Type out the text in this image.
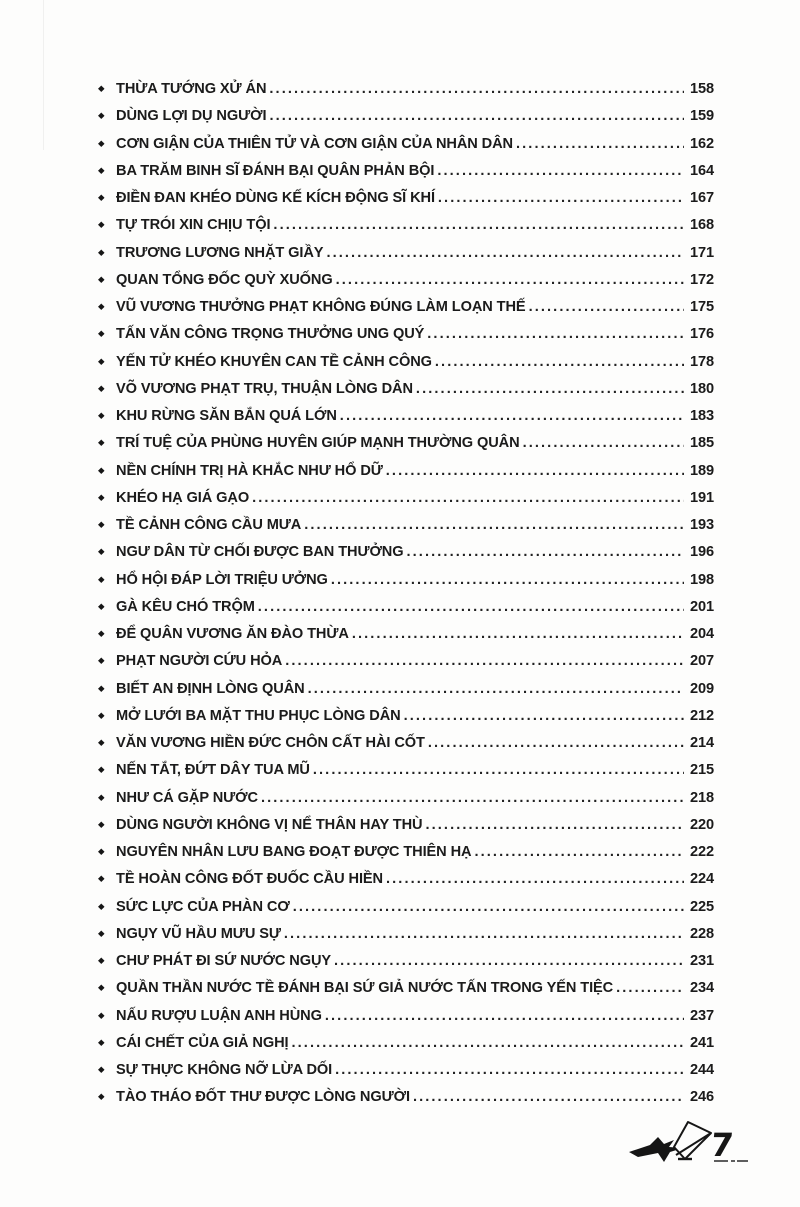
◆ THỪA TƯỚNG XỬ ÁN .....	158
◆ DÙNG LỢI DỤ NGƯỜI .....	159
◆ CƠN GIẬN CỦA THIÊN TỬ VÀ CƠN GIẬN CỦA NHÂN DÂN .....	162
◆ BA TRĂM BINH SĨ ĐÁNH BẠI QUÂN PHẢN BỘI .....	164
◆ ĐIỀN ĐAN KHÉO DÙNG KẾ KÍCH ĐỘNG SĨ KHÍ .....	167
◆ TỰ TRÓI XIN CHỊU TỘI .....	168
◆ TRƯƠNG LƯƠNG NHẶT GIẦY .....	171
◆ QUAN TỔNG ĐỐC QUỲ XUỐNG .....	172
◆ VŨ VƯƠNG THƯỞNG PHẠT KHÔNG ĐÚNG LÀM LOẠN THẾ .....	175
◆ TẤN VĂN CÔNG TRỌNG THƯỞNG UNG QUÝ .....	176
◆ YẾN TỬ KHÉO KHUYÊN CAN TỀ CẢNH CÔNG .....	178
◆ VÕ VƯƠNG PHẠT TRỤ, THUẬN LÒNG DÂN .....	180
◆ KHU RỪNG SĂN BẮN QUÁ LỚN .....	183
◆ TRÍ TUỆ CỦA PHÙNG HUYÊN GIÚP MẠNH THƯỜNG QUÂN .....	185
◆ NỀN CHÍNH TRỊ HÀ KHẮC NHƯ HỔ DỮ .....	189
◆ KHÉO HẠ GIÁ GẠO .....	191
◆ TỀ CẢNH CÔNG CẦU MƯA .....	193
◆ NGƯ DÂN TỪ CHỐI ĐƯỢC BAN THƯỞNG .....	196
◆ HỔ HỘI ĐÁP LỜI TRIỆU ƯỞNG .....	198
◆ GÀ KÊU CHÓ TRỘM .....	201
◆ ĐỂ QUÂN VƯƠNG ĂN ĐÀO THỪA .....	204
◆ PHẠT NGƯỜI CỨU HỎA .....	207
◆ BIẾT AN ĐỊNH LÒNG QUÂN .....	209
◆ MỞ LƯỚI BA MẶT THU PHỤC LÒNG DÂN .....	212
◆ VĂN VƯƠNG HIỀN ĐỨC CHÔN CẤT HÀI CỐT .....	214
◆ NẾN TẮT, ĐỨT DÂY TUA MŨ .....	215
◆ NHƯ CÁ GẶP NƯỚC .....	218
◆ DÙNG NGƯỜI KHÔNG VỊ NỂ THÂN HAY THÙ .....	220
◆ NGUYÊN NHÂN LƯU BANG ĐOẠT ĐƯỢC THIÊN HẠ .....	222
◆ TỀ HOÀN CÔNG ĐỐT ĐUỐC CẦU HIỀN .....	224
◆ SỨC LỰC CỦA PHÀN CƠ .....	225
◆ NGỤY VŨ HẦU MƯU SỰ .....	228
◆ CHƯ PHÁT ĐI SỨ NƯỚC NGỤY .....	231
◆ QUẦN THẦN NƯỚC TỀ ĐÁNH BẠI SỨ GIẢ NƯỚC TẤN TRONG YẾN TIỆC .....	234
◆ NẤU RƯỢU LUẬN ANH HÙNG .....	237
◆ CÁI CHẾT CỦA GIẢ NGHỊ .....	241
◆ SỰ THỰC KHÔNG NỠ LỪA DỐI .....	244
◆ TÀO THÁO ĐỐT THƯ ĐƯỢC LÒNG NGƯỜI .....	246
7
